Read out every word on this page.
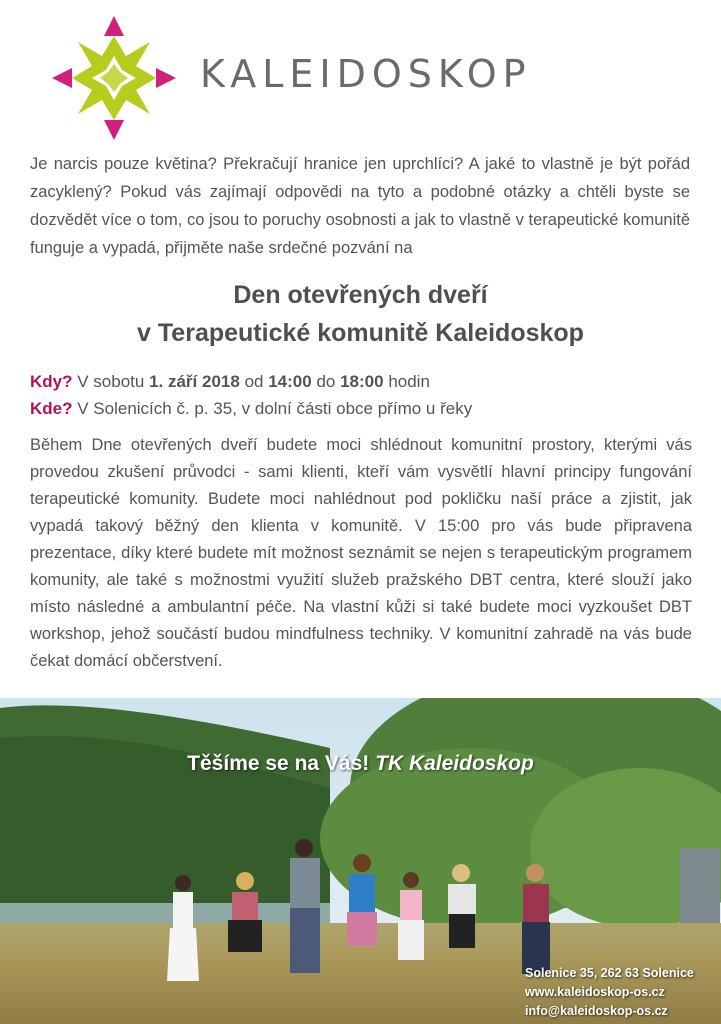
KALEIDOSKOP
Je narcis pouze květina? Překračují hranice jen uprchlíci? A jaké to vlastně je být pořád zacyklený? Pokud vás zajímají odpovědi na tyto a podobné otázky a chtěli byste se dozvědět více o tom, co jsou to poruchy osobnosti a jak to vlastně v terapeutické komunitě funguje a vypadá, přijměte naše srdečné pozvání na
Den otevřených dveří
v Terapeutické komunitě Kaleidoskop
Kdy? V sobotu 1. září 2018 od 14:00 do 18:00 hodin
Kde? V Solenicích č. p. 35, v dolní části obce přímo u řeky
Během Dne otevřených dveří budete moci shlédnout komunitní prostory, kterými vás provedou zkušení průvodci - sami klienti, kteří vám vysvětlí hlavní principy fungování terapeutické komunity. Budete moci nahlédnout pod pokličku naší práce a zjistit, jak vypadá takový běžný den klienta v komunitě. V 15:00 pro vás bude připravena prezentace, díky které budete mít možnost seznámit se nejen s terapeutickým programem komunity, ale také s možnostmi využití služeb pražského DBT centra, které slouží jako místo následné a ambulantní péče. Na vlastní kůži si také budete moci vyzkoušet DBT workshop, jehož součástí budou mindfulness techniky. V komunitní zahradě na vás bude čekat domácí občerstvení.
Těšíme se na Vás! TK Kaleidoskop
Solenice 35, 262 63 Solenice
www.kaleidoskop-os.cz
info@kaleidoskop-os.cz
